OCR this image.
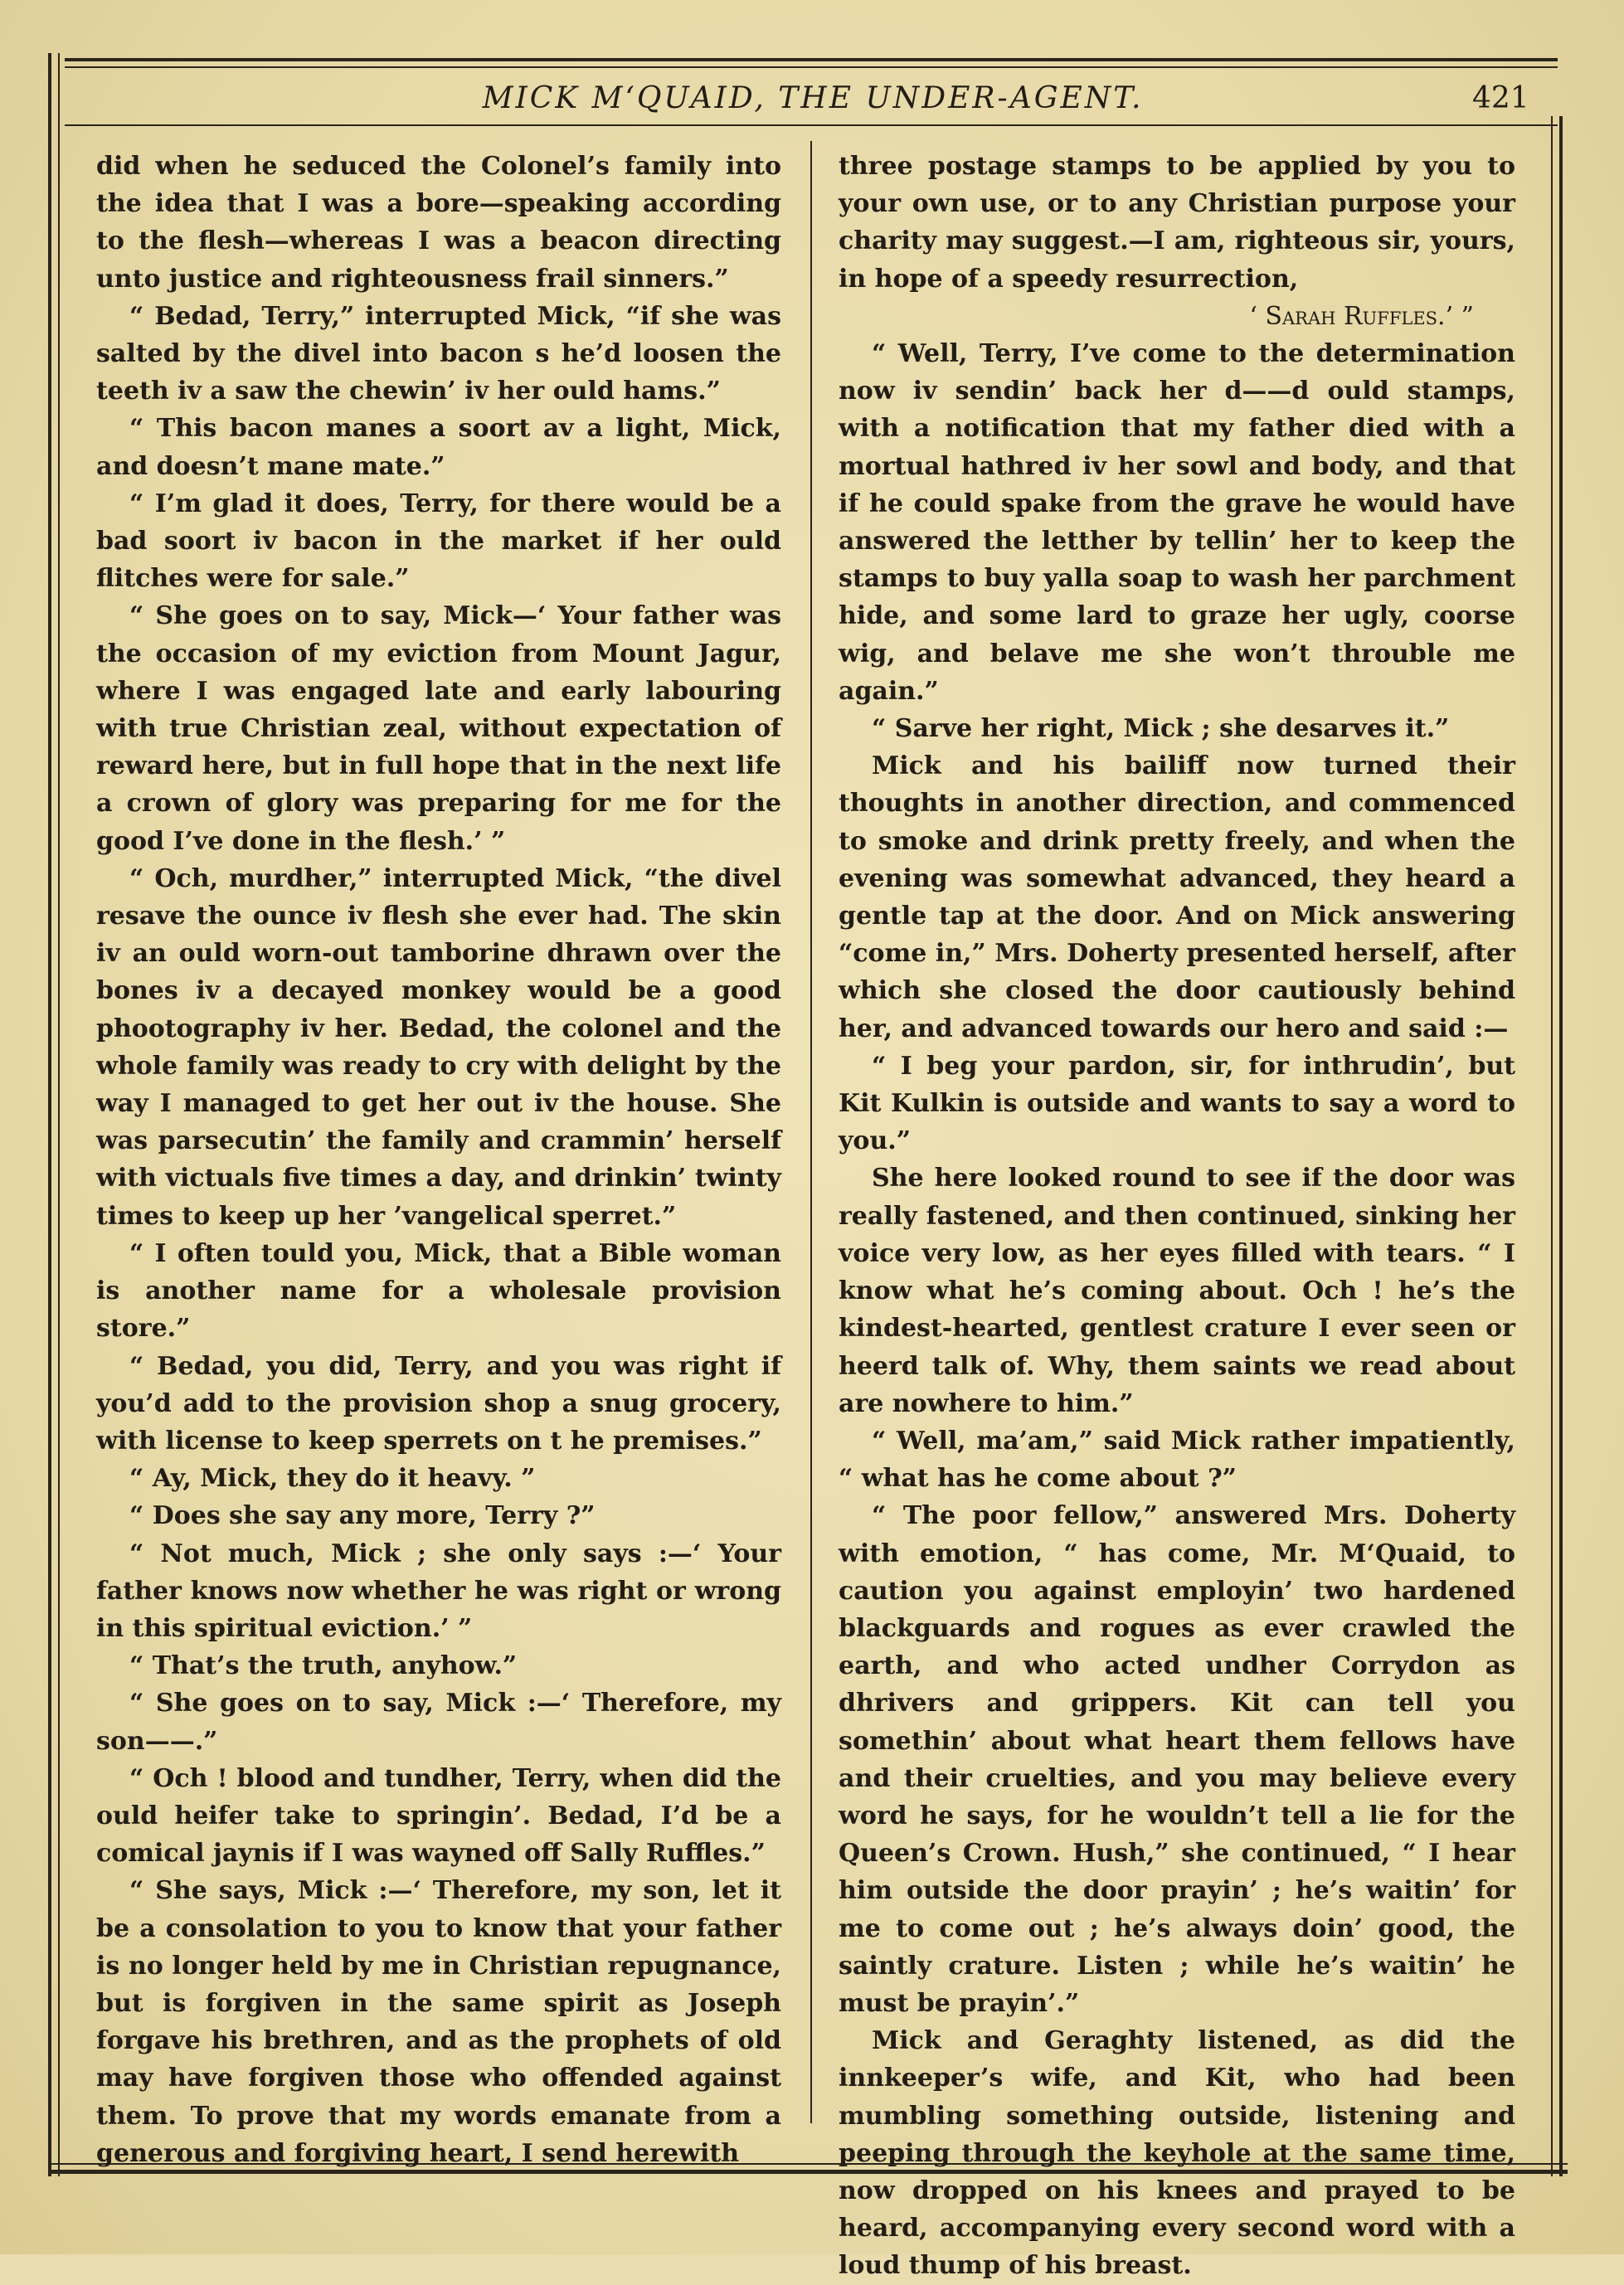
MICK M‘QUAID, THE UNDER-AGENT.	421

did when he seduced the Colonel’s family into the idea that I was a bore—speaking according to the flesh—whereas I was a beacon directing unto justice and righteousness frail sinners.”

“ Bedad, Terry,” interrupted Mick, “if she was salted by the divel into bacon s he’d loosen the teeth iv a saw the chewin’ iv her ould hams.”

“ This bacon manes a soort av a light, Mick, and doesn’t mane mate.”

“ I’m glad it does, Terry, for there would be a bad soort iv bacon in the market if her ould flitches were for sale.”

“ She goes on to say, Mick—‘ Your father was the occasion of my eviction from Mount Jagur, where I was engaged late and early labouring with true Christian zeal, without expectation of reward here, but in full hope that in the next life a crown of glory was preparing for me for the good I’ve done in the flesh.’ ”

“ Och, murdher,” interrupted Mick, “the divel resave the ounce iv flesh she ever had. The skin iv an ould worn-out tamborine dhrawn over the bones iv a decayed monkey would be a good phootography iv her. Bedad, the colonel and the whole family was ready to cry with delight by the way I managed to get her out iv the house. She was parsecutin’ the family and crammin’ herself with victuals five times a day, and drinkin’ twinty times to keep up her ’vangelical sperret.”

“ I often tould you, Mick, that a Bible woman is another name for a wholesale provision store.”

“ Bedad, you did, Terry, and you was right if you’d add to the provision shop a snug grocery, with license to keep sperrets on t he premises.”

“ Ay, Mick, they do it heavy. ”

“ Does she say any more, Terry ?”

“ Not much, Mick ; she only says :—‘ Your father knows now whether he was right or wrong in this spiritual eviction.’ ”

“ That’s the truth, anyhow.”

“ She goes on to say, Mick :—‘ Therefore, my son——.”

“ Och ! blood and tundher, Terry, when did the ould heifer take to springin’. Bedad, I’d be a comical jaynis if I was wayned off Sally Ruffles.”

“ She says, Mick :—‘ Therefore, my son, let it be a consolation to you to know that your father is no longer held by me in Christian repugnance, but is forgiven in the same spirit as Joseph forgave his brethren, and as the prophets of old may have forgiven those who offended against them. To prove that my words emanate from a generous and forgiving heart, I send herewith

three postage stamps to be applied by you to your own use, or to any Christian purpose your charity may suggest.—I am, righteous sir, yours, in hope of a speedy resurrection,

‘ Sarah Ruffles.’ ”

“ Well, Terry, I’ve come to the determination now iv sendin’ back her d——d ould stamps, with a notification that my father died with a mortual hathred iv her sowl and body, and that if he could spake from the grave he would have answered the letther by tellin’ her to keep the stamps to buy yalla soap to wash her parchment hide, and some lard to graze her ugly, coorse wig, and belave me she won’t throuble me again.”

“ Sarve her right, Mick ; she desarves it.”

Mick and his bailiff now turned their thoughts in another direction, and commenced to smoke and drink pretty freely, and when the evening was somewhat advanced, they heard a gentle tap at the door. And on Mick answering “come in,” Mrs. Doherty presented herself, after which she closed the door cautiously behind her, and advanced towards our hero and said :—

“ I beg your pardon, sir, for inthrudin’, but Kit Kulkin is outside and wants to say a word to you.”

She here looked round to see if the door was really fastened, and then continued, sinking her voice very low, as her eyes filled with tears. “ I know what he’s coming about. Och ! he’s the kindest-hearted, gentlest crature I ever seen or heerd talk of. Why, them saints we read about are nowhere to him.”

“ Well, ma’am,” said Mick rather impatiently, “ what has he come about ?”

“ The poor fellow,” answered Mrs. Doherty with emotion, “ has come, Mr. M‘Quaid, to caution you against employin’ two hardened blackguards and rogues as ever crawled the earth, and who acted undher Corrydon as dhrivers and grippers. Kit can tell you somethin’ about what heart them fellows have and their cruelties, and you may believe every word he says, for he wouldn’t tell a lie for the Queen’s Crown. Hush,” she continued, “ I hear him outside the door prayin’ ; he’s waitin’ for me to come out ; he’s always doin’ good, the saintly crature. Listen ; while he’s waitin’ he must be prayin’.”

Mick and Geraghty listened, as did the innkeeper’s wife, and Kit, who had been mumbling something outside, listening and peeping through the keyhole at the same time, now dropped on his knees and prayed to be heard, accompanying every second word with a loud thump of his breast.
